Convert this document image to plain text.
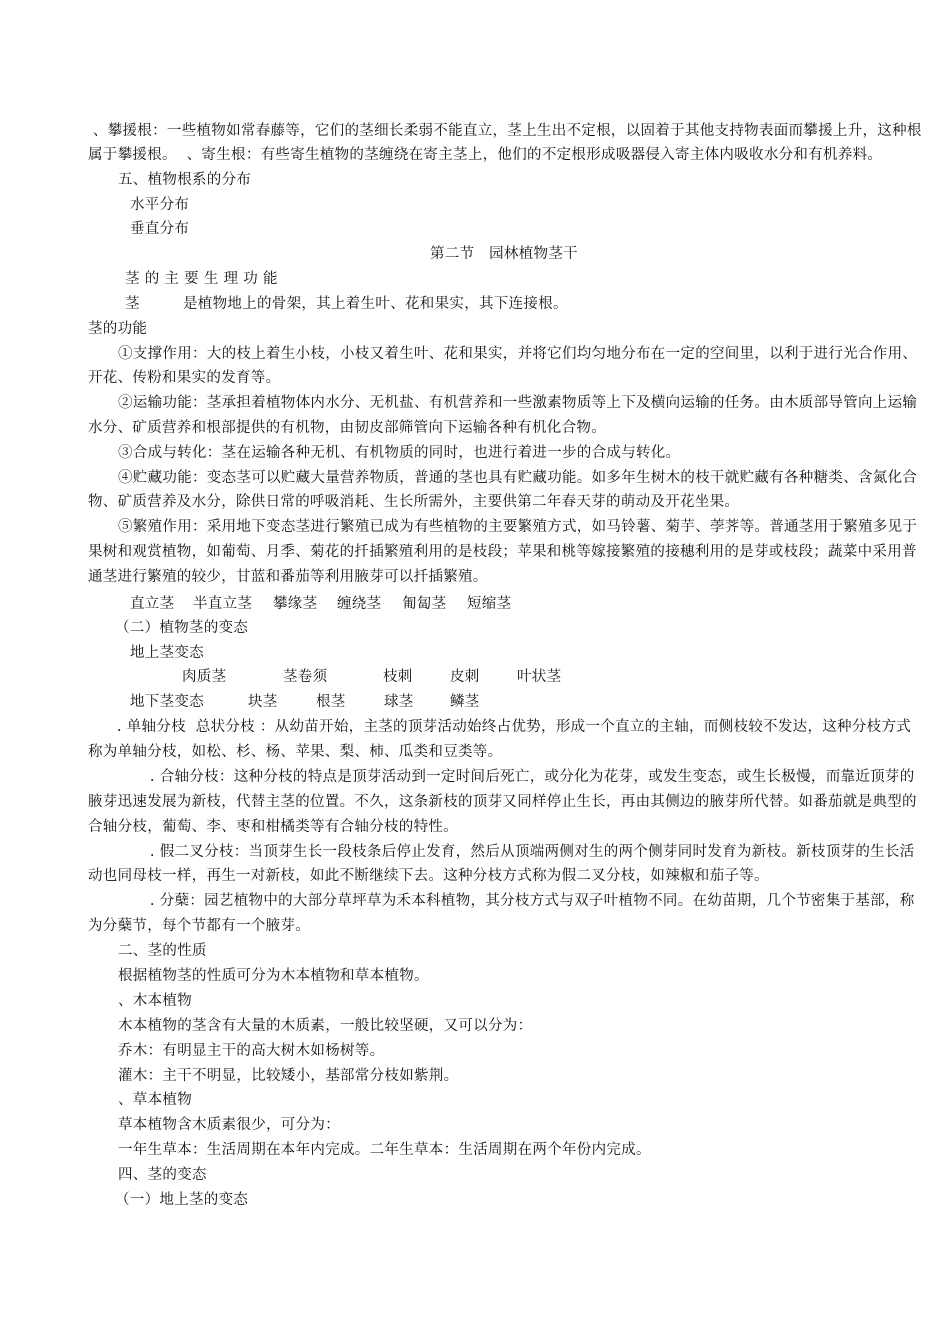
、攀援根：一些植物如常春藤等，它们的茎细长柔弱不能直立，茎上生出不定根，以固着于其他支持物表面而攀援上升，这种根
属于攀援根。  、寄生根：有些寄生植物的茎缠绕在寄主茎上，他们的不定根形成吸器侵入寄主体内吸收水分和有机养料。
五、植物根系的分布
水平分布
垂直分布
第二节   园林植物茎干
茎 的 主 要 生 理 功 能
茎	是植物地上的骨架，其上着生叶、花和果实，其下连接根。
茎的功能
①支撑作用：大的枝上着生小枝，小枝又着生叶、花和果实，并将它们均匀地分布在一定的空间里，以利于进行光合作用、
开花、传粉和果实的发育等。
②运输功能：茎承担着植物体内水分、无机盐、有机营养和一些激素物质等上下及横向运输的任务。由木质部导管向上运输
水分、矿质营养和根部提供的有机物，由韧皮部筛管向下运输各种有机化合物。
③合成与转化：茎在运输各种无机、有机物质的同时，也进行着进一步的合成与转化。
④贮藏功能：变态茎可以贮藏大量营养物质，普通的茎也具有贮藏功能。如多年生树木的枝干就贮藏有各种糖类、含氮化合
物、矿质营养及水分，除供日常的呼吸消耗、生长所需外，主要供第二年春天芽的萌动及开花坐果。
⑤繁殖作用：采用地下变态茎进行繁殖已成为有些植物的主要繁殖方式，如马铃薯、菊芋、荸荠等。普通茎用于繁殖多见于
果树和观赏植物，如葡萄、月季、菊花的扦插繁殖利用的是枝段；苹果和桃等嫁接繁殖的接穗利用的是芽或枝段；蔬菜中采用普
通茎进行繁殖的较少，甘蓝和番茄等利用腋芽可以扦插繁殖。
直立茎 半直立茎 攀缘茎 缠绕茎 匍匐茎 短缩茎
（二）植物茎的变态
地上茎变态
肉质茎	茎卷须	枝刺	皮刺	叶状茎
地下茎变态	块茎	根茎	球茎	鳞茎
. 单轴分枝  总状分枝 ：从幼苗开始，主茎的顶芽活动始终占优势，形成一个直立的主轴，而侧枝较不发达，这种分枝方式
称为单轴分枝，如松、杉、杨、苹果、梨、柿、瓜类和豆类等。
. 合轴分枝：这种分枝的特点是顶芽活动到一定时间后死亡，或分化为花芽，或发生变态，或生长极慢，而靠近顶芽的
腋芽迅速发展为新枝，代替主茎的位置。不久，这条新枝的顶芽又同样停止生长，再由其侧边的腋芽所代替。如番茄就是典型的
合轴分枝，葡萄、李、枣和柑橘类等有合轴分枝的特性。
. 假二叉分枝：当顶芽生长一段枝条后停止发育，然后从顶端两侧对生的两个侧芽同时发育为新枝。新枝顶芽的生长活
动也同母枝一样，再生一对新枝，如此不断继续下去。这种分枝方式称为假二叉分枝，如辣椒和茄子等。
. 分蘖：园艺植物中的大部分草坪草为禾本科植物，其分枝方式与双子叶植物不同。在幼苗期，几个节密集于基部，称
为分蘖节，每个节都有一个腋芽。
二、茎的性质
根据植物茎的性质可分为木本植物和草本植物。
、木本植物
木本植物的茎含有大量的木质素，一般比较坚硬，又可以分为：
乔木：有明显主干的高大树木如杨树等。
灌木：主干不明显，比较矮小，基部常分枝如紫荆。
、草本植物
草本植物含木质素很少，可分为：
一年生草本：生活周期在本年内完成。二年生草本：生活周期在两个年份内完成。
四、茎的变态
（一）地上茎的变态
